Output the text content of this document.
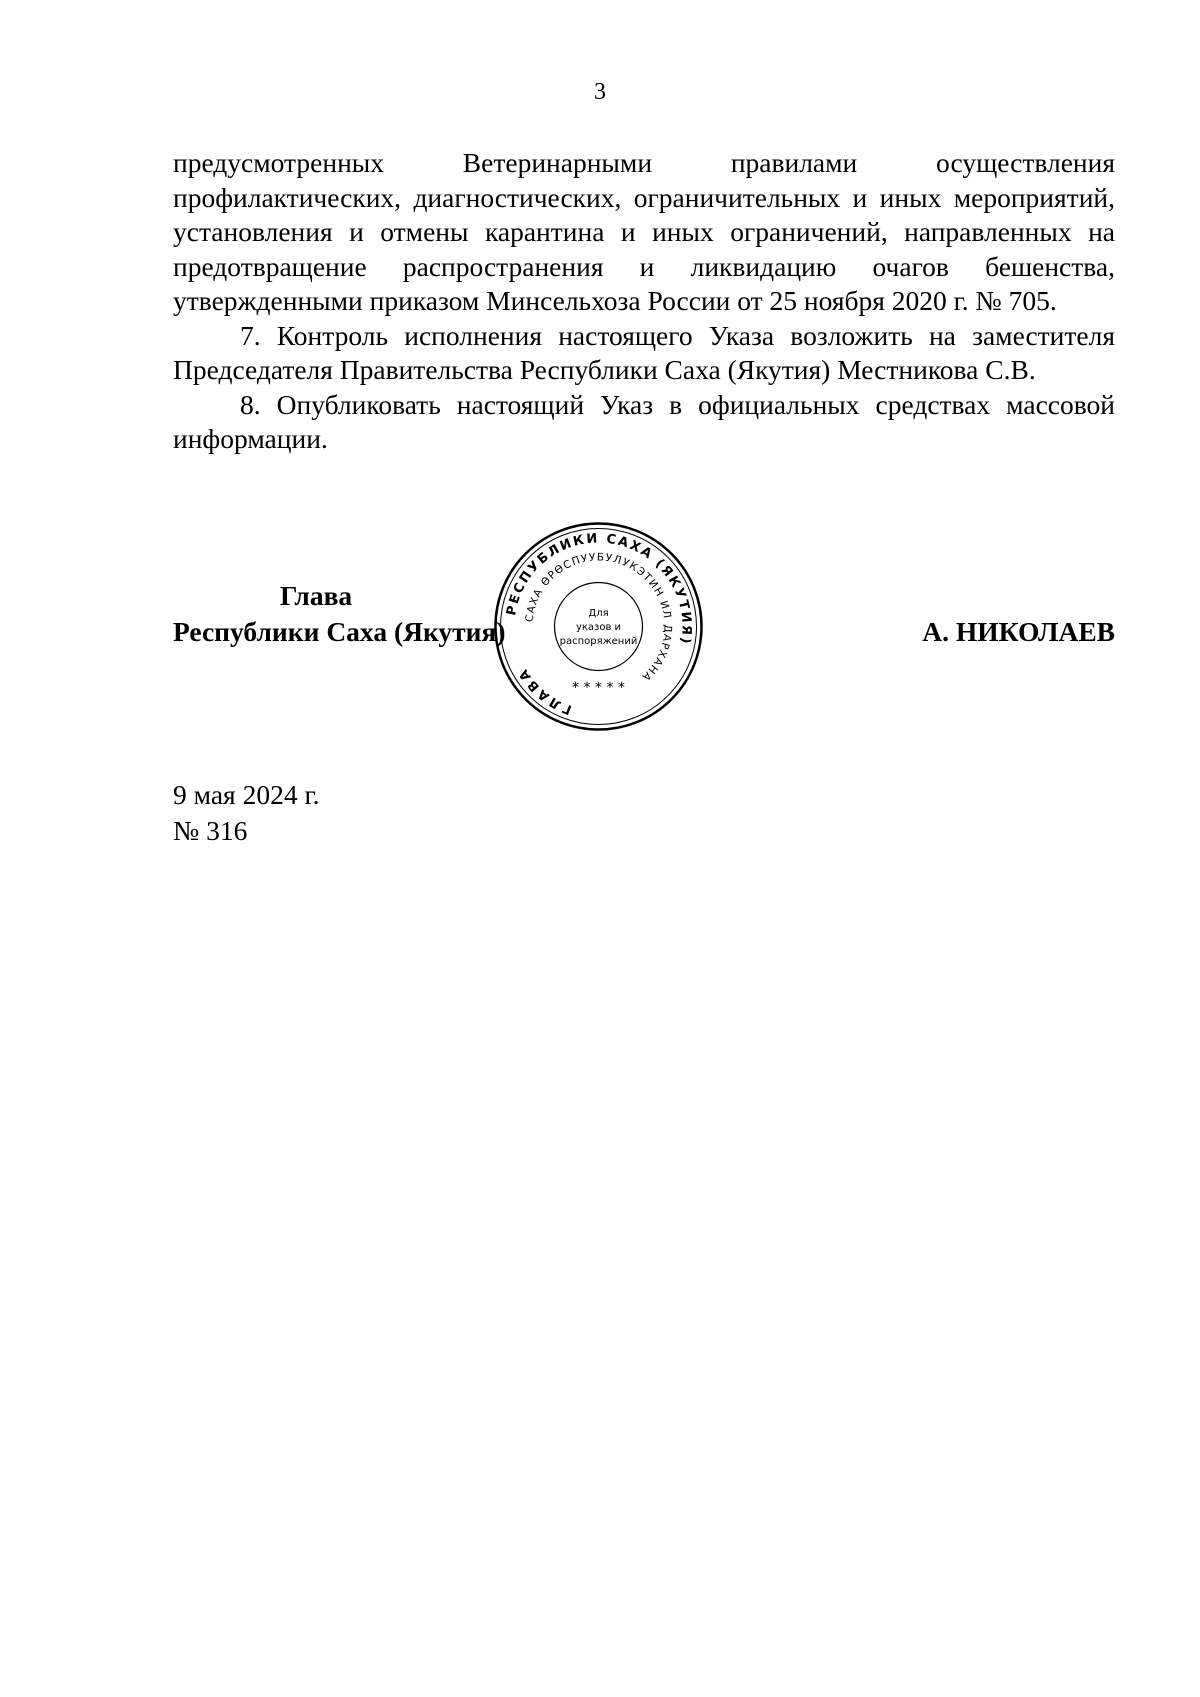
3

предусмотренных Ветеринарными правилами осуществления профилактических, диагностических, ограничительных и иных мероприятий, установления и отмены карантина и иных ограничений, направленных на предотвращение распространения и ликвидацию очагов бешенства, утвержденными приказом Минсельхоза России от 25 ноября 2020 г. № 705.

7. Контроль исполнения настоящего Указа возложить на заместителя Председателя Правительства Республики Саха (Якутия) Местникова С.В.

8. Опубликовать настоящий Указ в официальных средствах массовой информации.

Глава
Республики Саха (Якутия)	А. НИКОЛАЕВ
РЕСПУБЛИКИ САХА (ЯКУТИЯ)
ГЛАВА
САХА ӨРӨСПУУБУЛУКЭТИН ИЛ ДАРХАНА
Для
указов и
распоряжений
* * * * *
9 мая 2024 г.
№ 316
